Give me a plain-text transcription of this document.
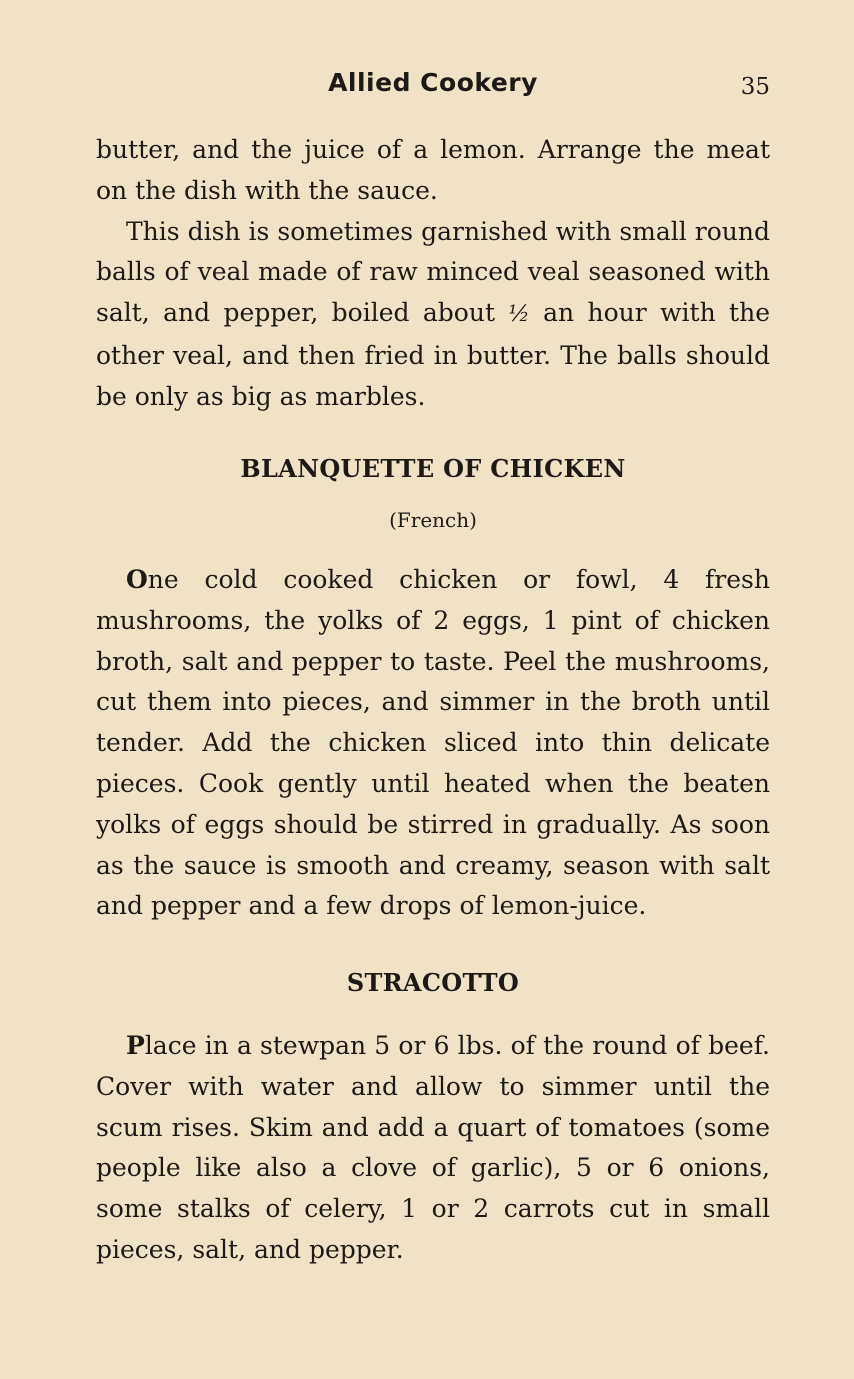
Allied Cookery	35

butter, and the juice of a lemon. Arrange the meat on the dish with the sauce.

This dish is sometimes garnished with small round balls of veal made of raw minced veal seasoned with salt, and pepper, boiled about ½ an hour with the other veal, and then fried in butter. The balls should be only as big as marbles.

BLANQUETTE OF CHICKEN
(French)

One cold cooked chicken or fowl, 4 fresh mushrooms, the yolks of 2 eggs, 1 pint of chicken broth, salt and pepper to taste. Peel the mushrooms, cut them into pieces, and simmer in the broth until tender. Add the chicken sliced into thin delicate pieces. Cook gently until heated when the beaten yolks of eggs should be stirred in gradually. As soon as the sauce is smooth and creamy, season with salt and pepper and a few drops of lemon-juice.

STRACOTTO

Place in a stewpan 5 or 6 lbs. of the round of beef. Cover with water and allow to simmer until the scum rises. Skim and add a quart of tomatoes (some people like also a clove of garlic), 5 or 6 onions, some stalks of celery, 1 or 2 carrots cut in small pieces, salt, and pepper.
